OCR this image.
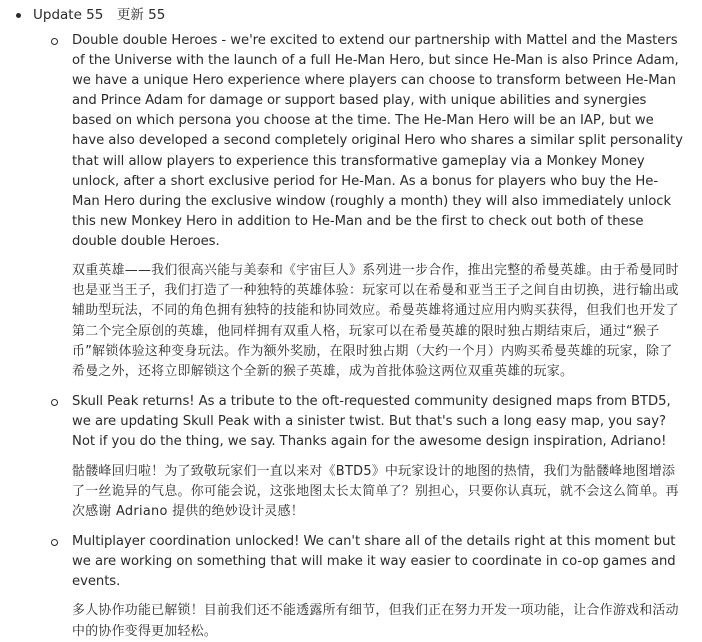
Update 55　更新 55

Double double Heroes - we're excited to extend our partnership with Mattel and the Masters of the Universe with the launch of a full He-Man Hero, but since He-Man is also Prince Adam, we have a unique Hero experience where players can choose to transform between He-Man and Prince Adam for damage or support based play, with unique abilities and synergies based on which persona you choose at the time. The He-Man Hero will be an IAP, but we have also developed a second completely original Hero who shares a similar split personality that will allow players to experience this transformative gameplay via a Monkey Money unlock, after a short exclusive period for He-Man. As a bonus for players who buy the He-Man Hero during the exclusive window (roughly a month) they will also immediately unlock this new Monkey Hero in addition to He-Man and be the first to check out both of these double double Heroes.

双重英雄——我们很高兴能与美泰和《宇宙巨人》系列进一步合作，推出完整的希曼英雄。由于希曼同时也是亚当王子，我们打造了一种独特的英雄体验：玩家可以在希曼和亚当王子之间自由切换，进行输出或辅助型玩法，不同的角色拥有独特的技能和协同效应。希曼英雄将通过应用内购买获得，但我们也开发了第二个完全原创的英雄，他同样拥有双重人格，玩家可以在希曼英雄的限时独占期结束后，通过“猴子币”解锁体验这种变身玩法。作为额外奖励，在限时独占期（大约一个月）内购买希曼英雄的玩家，除了希曼之外，还将立即解锁这个全新的猴子英雄，成为首批体验这两位双重英雄的玩家。

Skull Peak returns! As a tribute to the oft-requested community designed maps from BTD5, we are updating Skull Peak with a sinister twist. But that's such a long easy map, you say? Not if you do the thing, we say. Thanks again for the awesome design inspiration, Adriano!

骷髅峰回归啦！为了致敬玩家们一直以来对《BTD5》中玩家设计的地图的热情，我们为骷髅峰地图增添了一丝诡异的气息。你可能会说，这张地图太长太简单了？别担心，只要你认真玩，就不会这么简单。再次感谢 Adriano 提供的绝妙设计灵感！

Multiplayer coordination unlocked! We can't share all of the details right at this moment but we are working on something that will make it way easier to coordinate in co-op games and events.

多人协作功能已解锁！目前我们还不能透露所有细节，但我们正在努力开发一项功能，让合作游戏和活动中的协作变得更加轻松。
